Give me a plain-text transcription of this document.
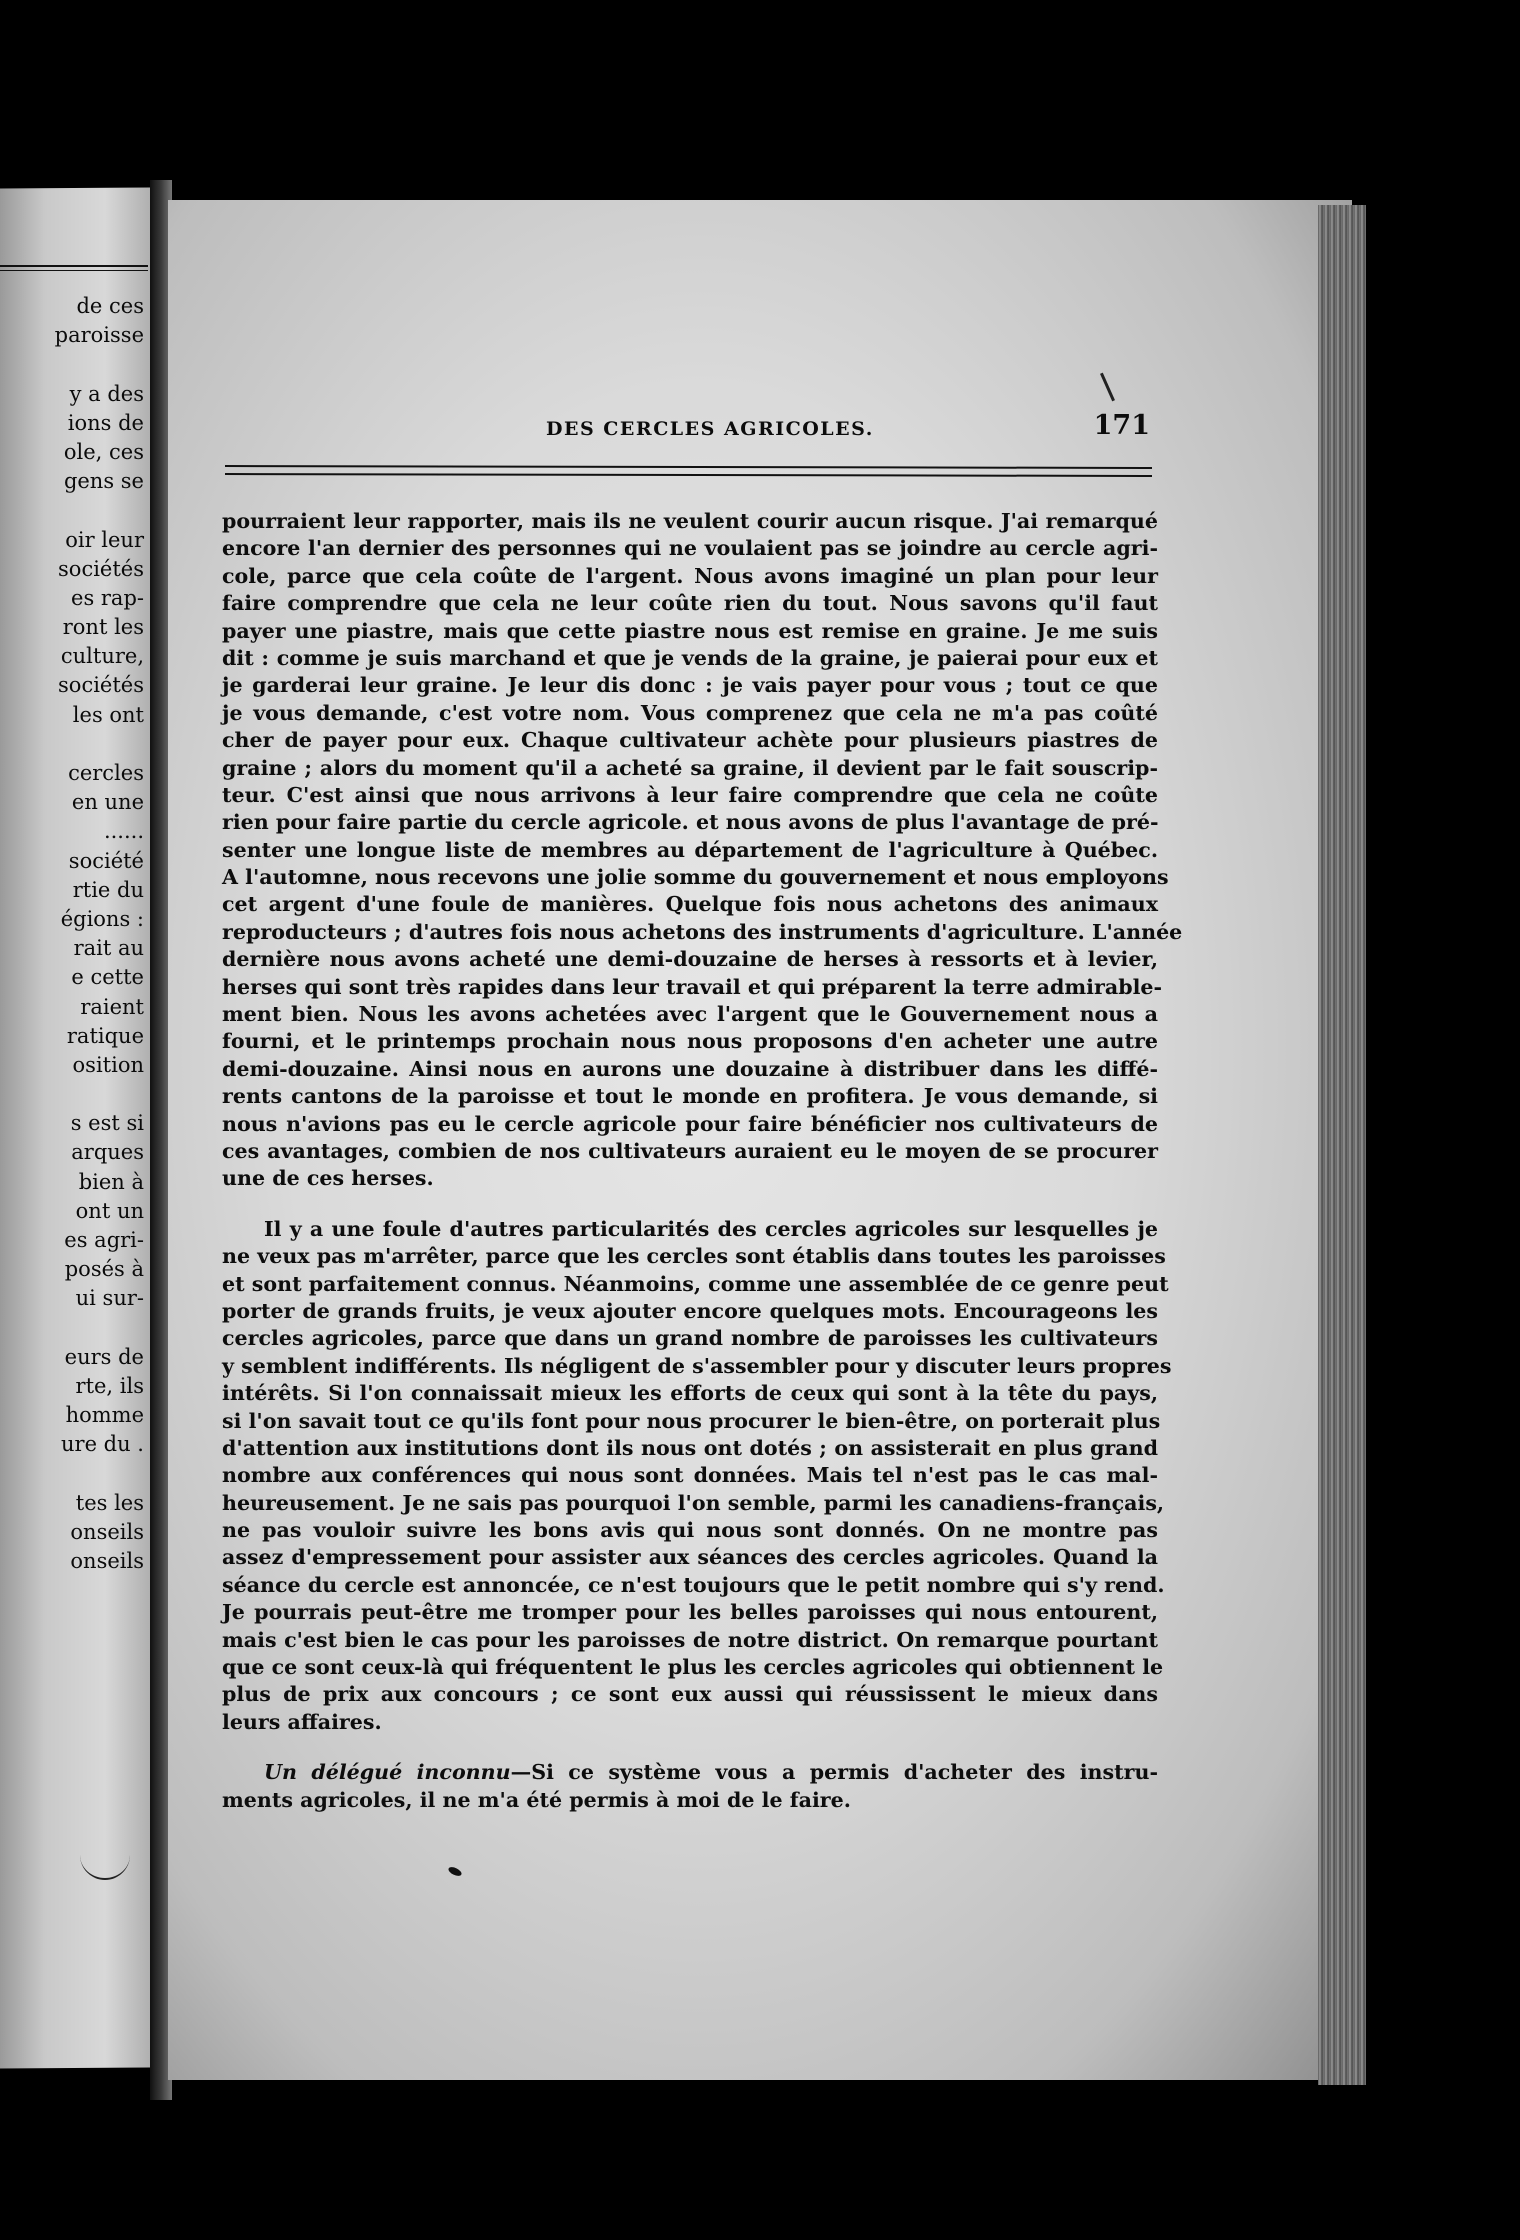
de ces
paroisse
y a des
ions de
ole, ces
gens se
oir leur
sociétés
es rap-
ront les
culture,
sociétés
les ont
cercles
en une
......
société
rtie du
égions :
rait au
e cette
raient
ratique
osition
s est si
arques
bien à
ont un
es agri-
posés à
ui sur-
eurs de
rte, ils
homme
ure du .
tes les
onseils
onseils
DES CERCLES AGRICOLES.	171
pourraient leur rapporter, mais ils ne veulent courir aucun risque. J'ai remarqué
encore l'an dernier des personnes qui ne voulaient pas se joindre au cercle agri-
cole, parce que cela coûte de l'argent. Nous avons imaginé un plan pour leur
faire comprendre que cela ne leur coûte rien du tout. Nous savons qu'il faut
payer une piastre, mais que cette piastre nous est remise en graine. Je me suis
dit : comme je suis marchand et que je vends de la graine, je paierai pour eux et
je garderai leur graine. Je leur dis donc : je vais payer pour vous ; tout ce que
je vous demande, c'est votre nom. Vous comprenez que cela ne m'a pas coûté
cher de payer pour eux. Chaque cultivateur achète pour plusieurs piastres de
graine ; alors du moment qu'il a acheté sa graine, il devient par le fait souscrip-
teur. C'est ainsi que nous arrivons à leur faire comprendre que cela ne coûte
rien pour faire partie du cercle agricole. et nous avons de plus l'avantage de pré-
senter une longue liste de membres au département de l'agriculture à Québec.
A l'automne, nous recevons une jolie somme du gouvernement et nous employons
cet argent d'une foule de manières. Quelque fois nous achetons des animaux
reproducteurs ; d'autres fois nous achetons des instruments d'agriculture. L'année
dernière nous avons acheté une demi-douzaine de herses à ressorts et à levier,
herses qui sont très rapides dans leur travail et qui préparent la terre admirable-
ment bien. Nous les avons achetées avec l'argent que le Gouvernement nous a
fourni, et le printemps prochain nous nous proposons d'en acheter une autre
demi-douzaine. Ainsi nous en aurons une douzaine à distribuer dans les diffé-
rents cantons de la paroisse et tout le monde en profitera. Je vous demande, si
nous n'avions pas eu le cercle agricole pour faire bénéficier nos cultivateurs de
ces avantages, combien de nos cultivateurs auraient eu le moyen de se procurer
une de ces herses.
Il y a une foule d'autres particularités des cercles agricoles sur lesquelles je
ne veux pas m'arrêter, parce que les cercles sont établis dans toutes les paroisses
et sont parfaitement connus. Néanmoins, comme une assemblée de ce genre peut
porter de grands fruits, je veux ajouter encore quelques mots. Encourageons les
cercles agricoles, parce que dans un grand nombre de paroisses les cultivateurs
y semblent indifférents. Ils négligent de s'assembler pour y discuter leurs propres
intérêts. Si l'on connaissait mieux les efforts de ceux qui sont à la tête du pays,
si l'on savait tout ce qu'ils font pour nous procurer le bien-être, on porterait plus
d'attention aux institutions dont ils nous ont dotés ; on assisterait en plus grand
nombre aux conférences qui nous sont données. Mais tel n'est pas le cas mal-
heureusement. Je ne sais pas pourquoi l'on semble, parmi les canadiens-français,
ne pas vouloir suivre les bons avis qui nous sont donnés. On ne montre pas
assez d'empressement pour assister aux séances des cercles agricoles. Quand la
séance du cercle est annoncée, ce n'est toujours que le petit nombre qui s'y rend.
Je pourrais peut-être me tromper pour les belles paroisses qui nous entourent,
mais c'est bien le cas pour les paroisses de notre district. On remarque pourtant
que ce sont ceux-là qui fréquentent le plus les cercles agricoles qui obtiennent le
plus de prix aux concours ; ce sont eux aussi qui réussissent le mieux dans
leurs affaires.
Un délégué inconnu—Si ce système vous a permis d'acheter des instru-
ments agricoles, il ne m'a été permis à moi de le faire.
